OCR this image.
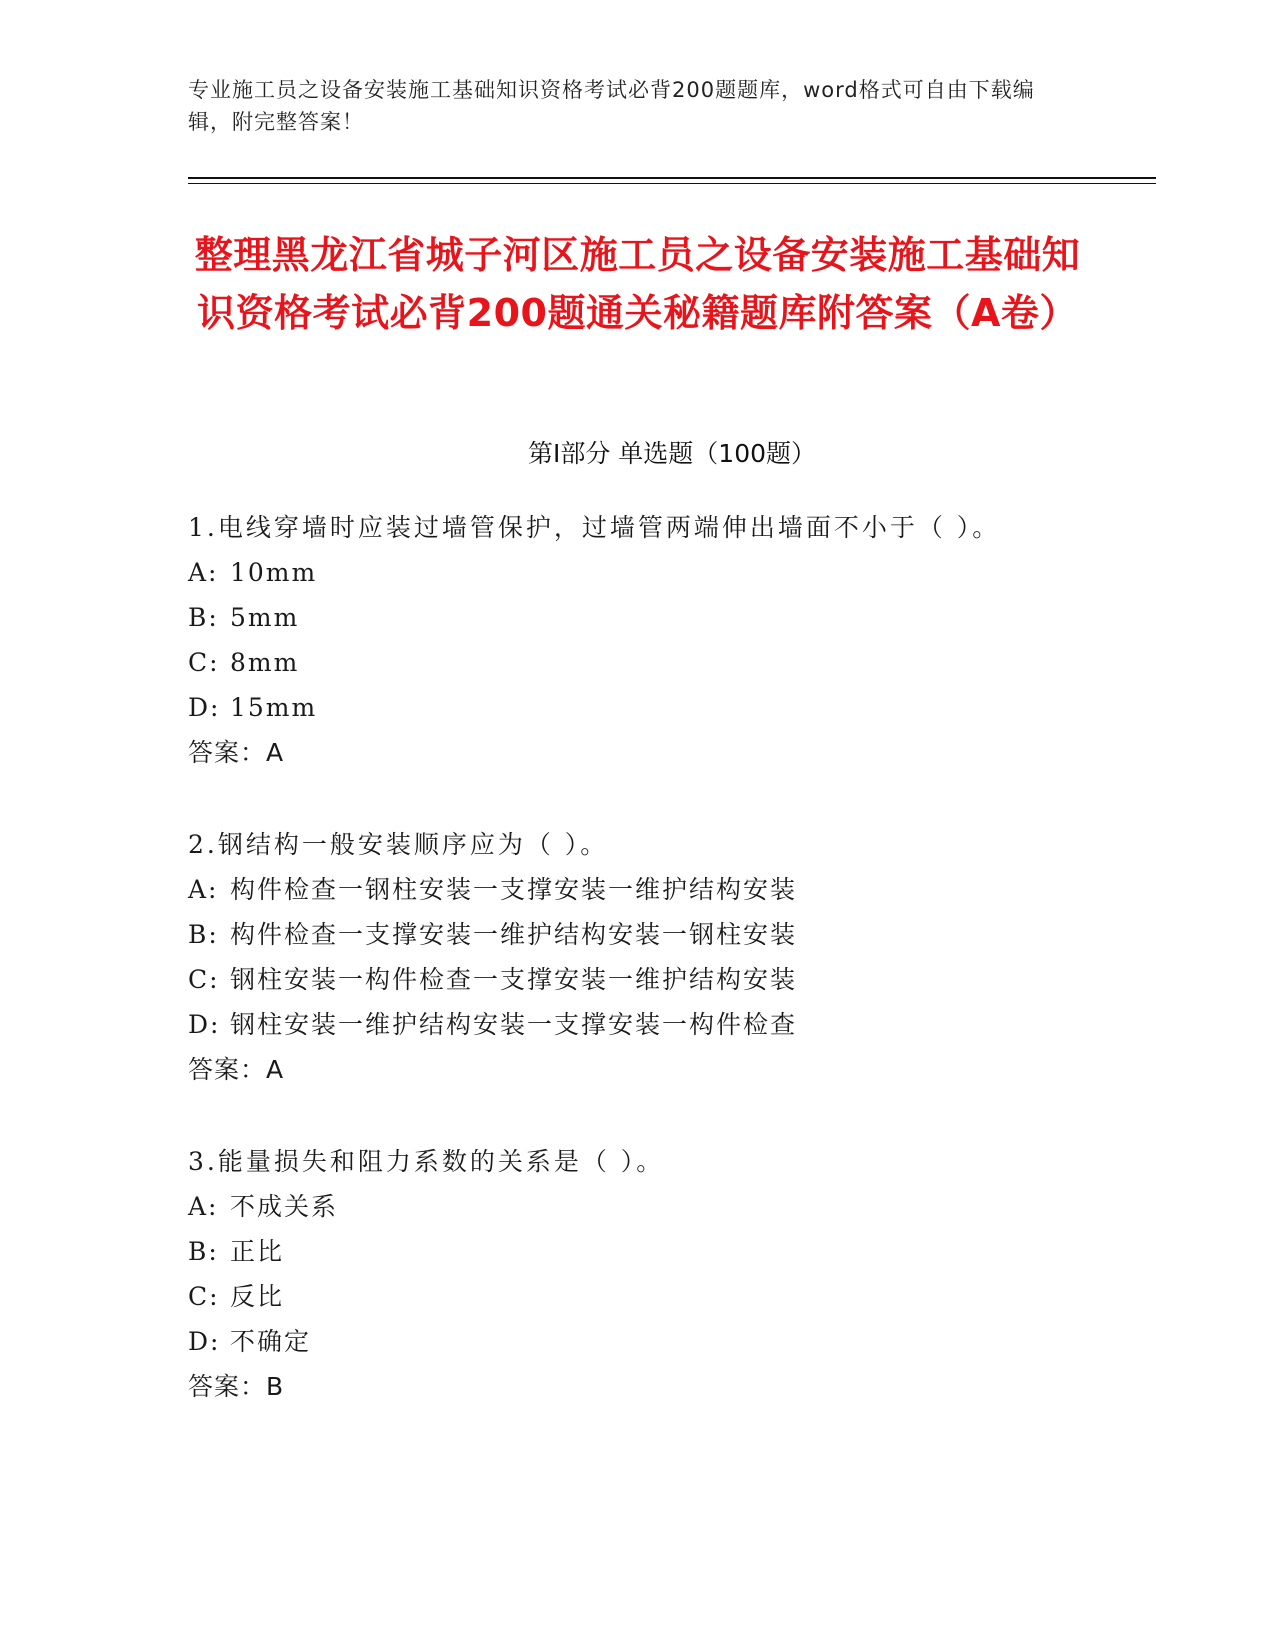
专业施工员之设备安装施工基础知识资格考试必背200题题库，word格式可自由下载编辑，附完整答案！
整理黑龙江省城子河区施工员之设备安装施工基础知识资格考试必背200题通关秘籍题库附答案（A卷）
第I部分 单选题（100题）
1.电线穿墙时应装过墙管保护，过墙管两端伸出墙面不小于（ ）。
A: 10mm
B: 5mm
C: 8mm
D: 15mm
答案：A
2.钢结构一般安装顺序应为（ ）。
A: 构件检查一钢柱安装一支撑安装一维护结构安装
B: 构件检查一支撑安装一维护结构安装一钢柱安装
C: 钢柱安装一构件检查一支撑安装一维护结构安装
D: 钢柱安装一维护结构安装一支撑安装一构件检查
答案：A
3.能量损失和阻力系数的关系是（ ）。
A: 不成关系
B: 正比
C: 反比
D: 不确定
答案：B
